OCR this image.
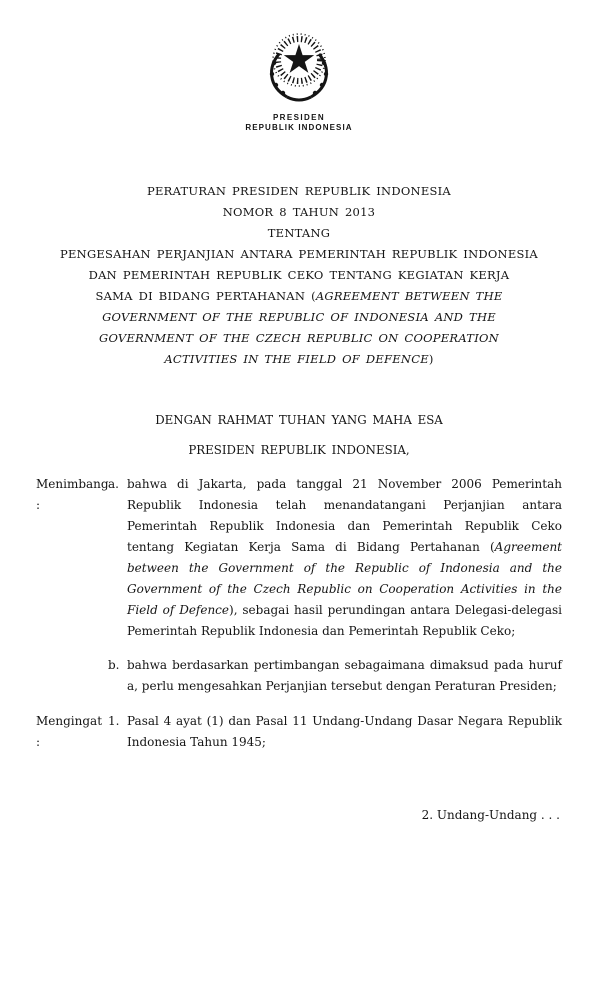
PRESIDEN
REPUBLIK INDONESIA
PERATURAN PRESIDEN REPUBLIK INDONESIA
NOMOR 8 TAHUN 2013
TENTANG
PENGESAHAN PERJANJIAN ANTARA PEMERINTAH REPUBLIK INDONESIA
DAN PEMERINTAH REPUBLIK CEKO TENTANG KEGIATAN KERJA
SAMA DI BIDANG PERTAHANAN (AGREEMENT BETWEEN THE
GOVERNMENT OF THE REPUBLIC OF INDONESIA AND THE
GOVERNMENT OF THE CZECH REPUBLIC ON COOPERATION
ACTIVITIES IN THE FIELD OF DEFENCE)
DENGAN RAHMAT TUHAN YANG MAHA ESA
PRESIDEN REPUBLIK INDONESIA,
Menimbang :
a. bahwa di Jakarta, pada tanggal 21 November 2006 Pemerintah Republik Indonesia telah menandatangani Perjanjian antara Pemerintah Republik Indonesia dan Pemerintah Republik Ceko tentang Kegiatan Kerja Sama di Bidang Pertahanan (Agreement between the Government of the Republic of Indonesia and the Government of the Czech Republic on Cooperation Activities in the Field of Defence), sebagai hasil perundingan antara Delegasi-delegasi Pemerintah Republik Indonesia dan Pemerintah Republik Ceko;

b. bahwa berdasarkan pertimbangan sebagaimana dimaksud pada huruf a, perlu mengesahkan Perjanjian tersebut dengan Peraturan Presiden;

Mengingat :
1. Pasal 4 ayat (1) dan Pasal 11 Undang-Undang Dasar Negara Republik Indonesia Tahun 1945;

2. Undang-Undang . . .
